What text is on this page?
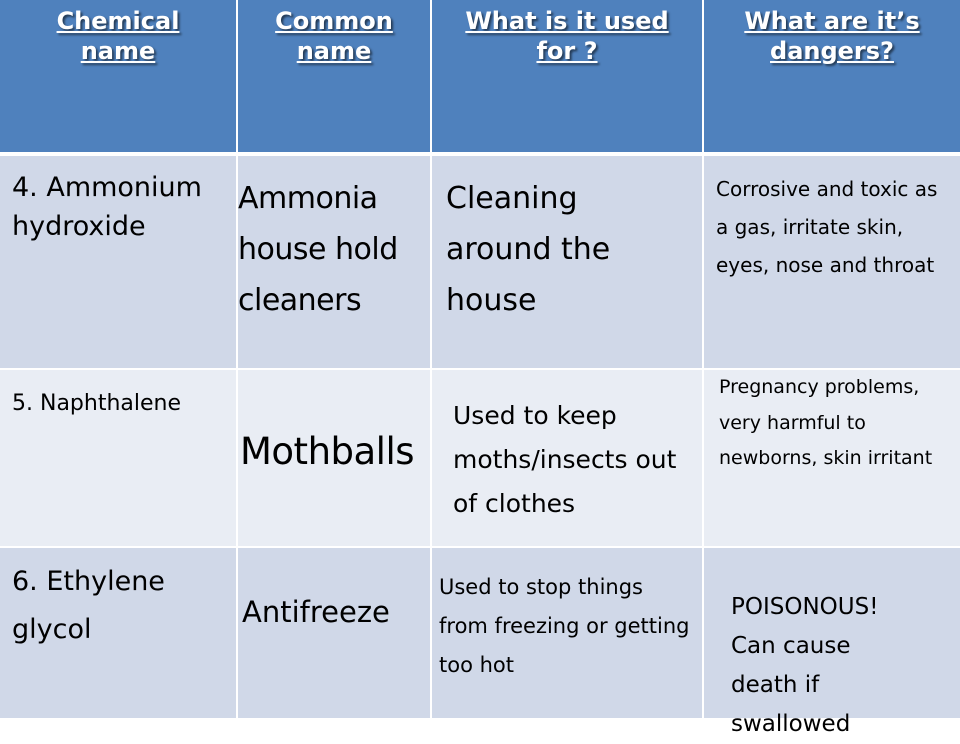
Chemical name
Common name
What is it used for ?
What are it’s dangers?
4. Ammonium hydroxide
Ammonia house hold cleaners
Cleaning around the house
Corrosive and toxic as a gas, irritate skin, eyes, nose and throat
5. Naphthalene
Mothballs
Used to keep moths/insects out of clothes
Pregnancy problems, very harmful to newborns, skin irritant
6. Ethylene glycol
Antifreeze
Used to stop things from freezing or getting too hot
POISONOUS! Can cause death if swallowed
